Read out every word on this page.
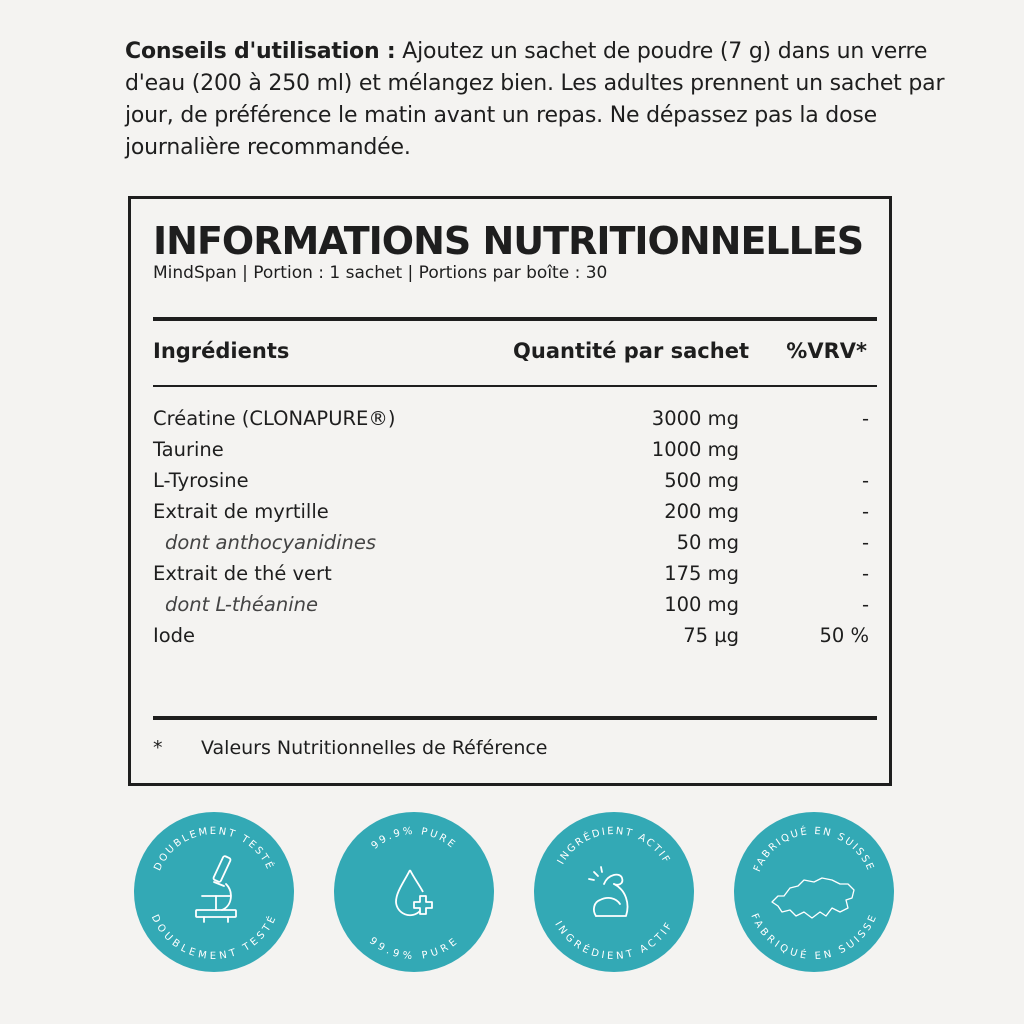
Conseils d'utilisation : Ajoutez un sachet de poudre (7 g) dans un verre d'eau (200 à 250 ml) et mélangez bien. Les adultes prennent un sachet par jour, de préférence le matin avant un repas. Ne dépassez pas la dose journalière recommandée.
INFORMATIONS NUTRITIONNELLES
MindSpan | Portion : 1 sachet | Portions par boîte : 30
Ingrédients	Quantité par sachet %VRV*
Créatine (CLONAPURE®)	3000 mg	-
Taurine	1000 mg
L-Tyrosine	500 mg	-
Extrait de myrtille	200 mg	-
dont anthocyanidines	50 mg	-
Extrait de thé vert	175 mg	-
dont L-théanine	100 mg	-
Iode	75 µg	50 %
* Valeurs Nutritionnelles de Référence
DOUBLEMENT TESTÉ
DOUBLEMENT TESTÉ
99.9% PURE
99.9% PURE
INGRÉDIENT ACTIF
INGRÉDIENT ACTIF
FABRIQUÉ EN SUISSE
FABRIQUÉ EN SUISSE
